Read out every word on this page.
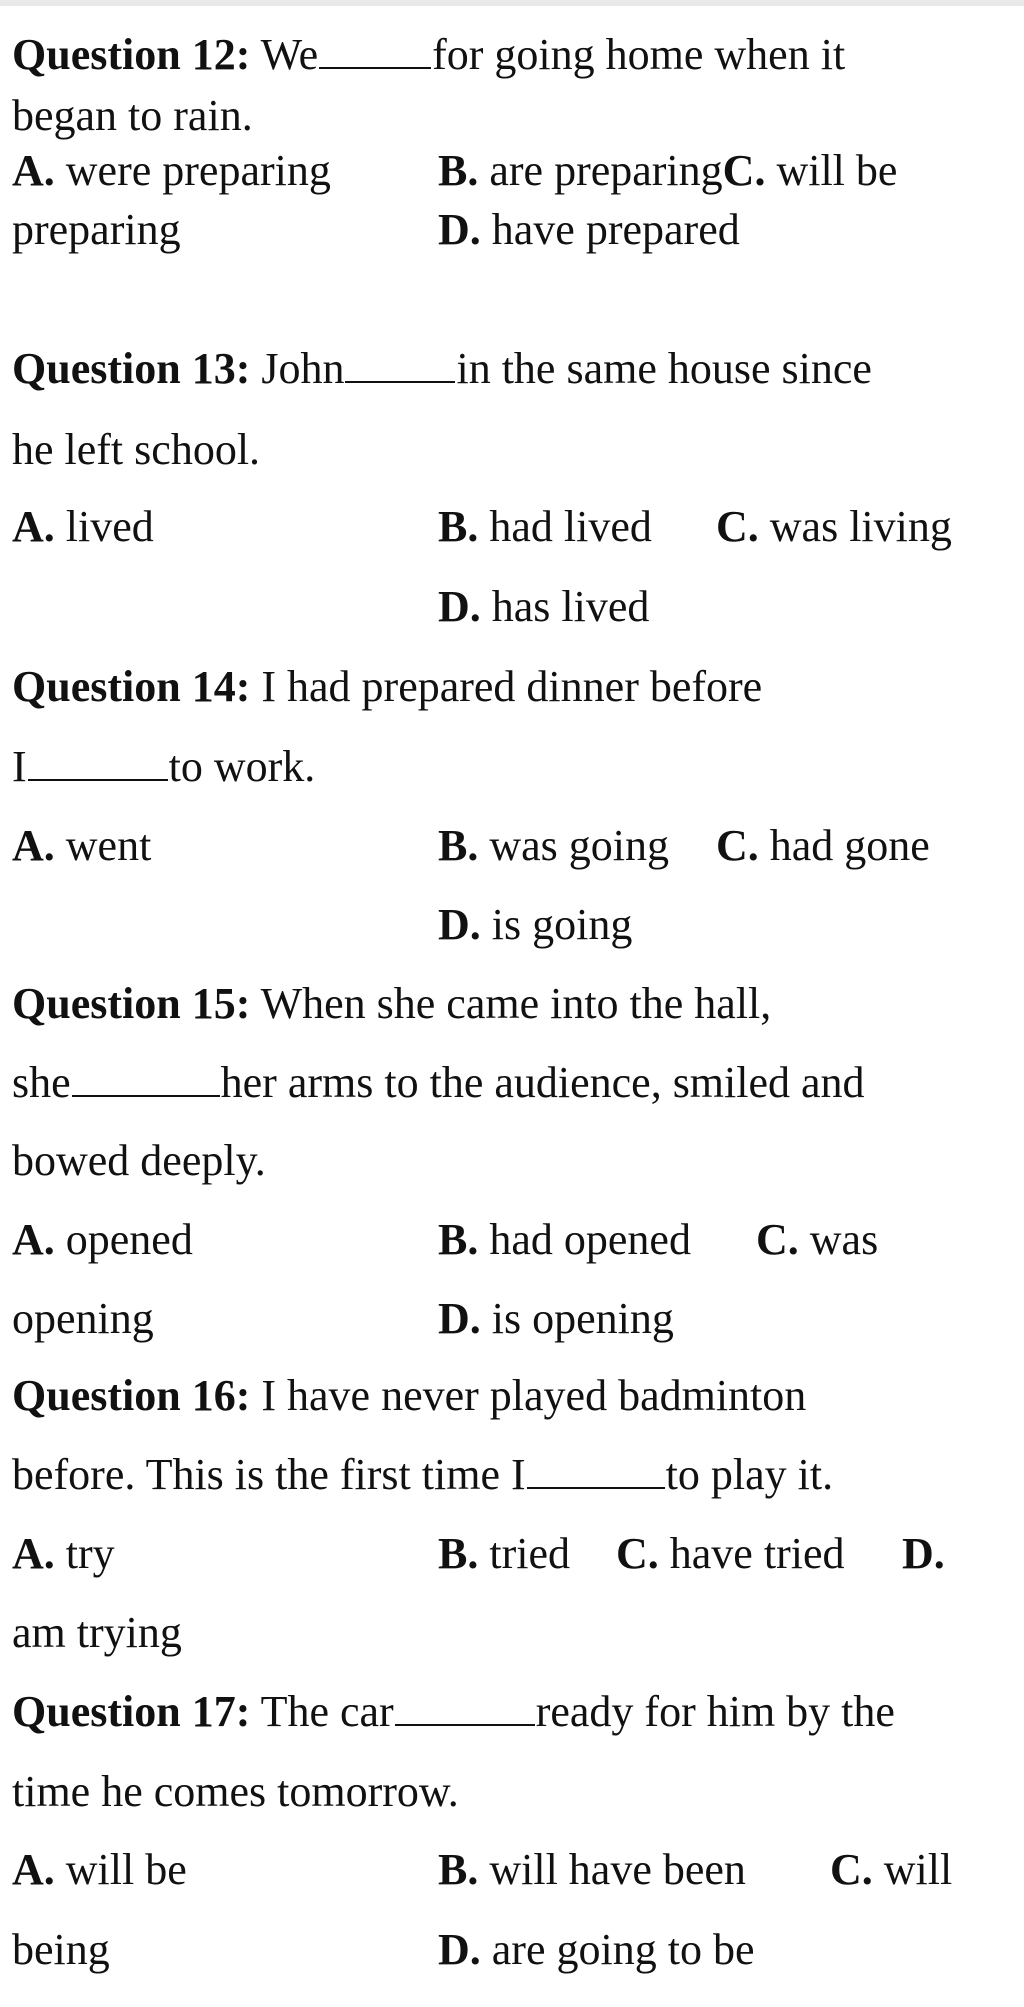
Question 12: We	for going home when it
began to rain.
A. were preparing B. are preparingC. will be
preparing	D. have prepared
Question 13: John	in the same house since
he left school.
A. lived	B. had lived C. was living
D. has lived
Question 14: I had prepared dinner before
I	to work.
A. went	B. was going C. had gone
D. is going
Question 15: When she came into the hall,
she	her arms to the audience, smiled and
bowed deeply.
A. opened	B. had opened C. was
opening	D. is opening
Question 16: I have never played badminton
before. This is the first time I	to play it.
A. try	B. tried C. have tried D.
am trying
Question 17: The car	ready for him by the
time he comes tomorrow.
A. will be	B. will have been C. will
being	D. are going to be
